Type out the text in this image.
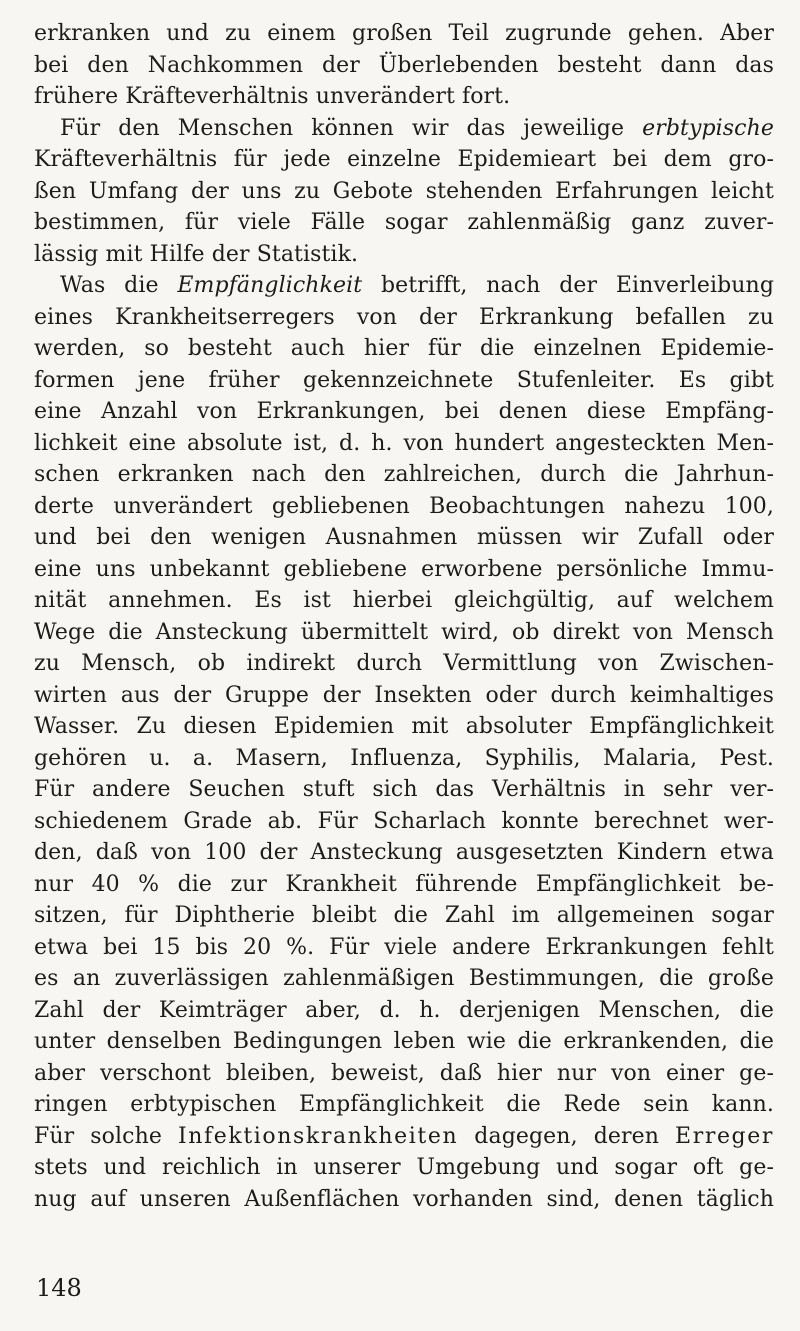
erkranken und zu einem großen Teil zugrunde gehen. Aber
bei den Nachkommen der Überlebenden besteht dann das
frühere Kräfteverhältnis unverändert fort.
Für den Menschen können wir das jeweilige erbtypische
Kräfteverhältnis für jede einzelne Epidemieart bei dem gro-
ßen Umfang der uns zu Gebote stehenden Erfahrungen leicht
bestimmen, für viele Fälle sogar zahlenmäßig ganz zuver-
lässig mit Hilfe der Statistik.
Was die Empfänglichkeit betrifft, nach der Einverleibung
eines Krankheitserregers von der Erkrankung befallen zu
werden, so besteht auch hier für die einzelnen Epidemie-
formen jene früher gekennzeichnete Stufenleiter. Es gibt
eine Anzahl von Erkrankungen, bei denen diese Empfäng-
lichkeit eine absolute ist, d. h. von hundert angesteckten Men-
schen erkranken nach den zahlreichen, durch die Jahrhun-
derte unverändert gebliebenen Beobachtungen nahezu 100,
und bei den wenigen Ausnahmen müssen wir Zufall oder
eine uns unbekannt gebliebene erworbene persönliche Immu-
nität annehmen. Es ist hierbei gleichgültig, auf welchem
Wege die Ansteckung übermittelt wird, ob direkt von Mensch
zu Mensch, ob indirekt durch Vermittlung von Zwischen-
wirten aus der Gruppe der Insekten oder durch keimhaltiges
Wasser. Zu diesen Epidemien mit absoluter Empfänglichkeit
gehören u. a. Masern, Influenza, Syphilis, Malaria, Pest.
Für andere Seuchen stuft sich das Verhältnis in sehr ver-
schiedenem Grade ab. Für Scharlach konnte berechnet wer-
den, daß von 100 der Ansteckung ausgesetzten Kindern etwa
nur 40 % die zur Krankheit führende Empfänglichkeit be-
sitzen, für Diphtherie bleibt die Zahl im allgemeinen sogar
etwa bei 15 bis 20 %. Für viele andere Erkrankungen fehlt
es an zuverlässigen zahlenmäßigen Bestimmungen, die große
Zahl der Keimträger aber, d. h. derjenigen Menschen, die
unter denselben Bedingungen leben wie die erkrankenden, die
aber verschont bleiben, beweist, daß hier nur von einer ge-
ringen erbtypischen Empfänglichkeit die Rede sein kann.
Für solche Infektionskrankheiten dagegen, deren Erreger
stets und reichlich in unserer Umgebung und sogar oft ge-
nug auf unseren Außenflächen vorhanden sind, denen täglich
148
